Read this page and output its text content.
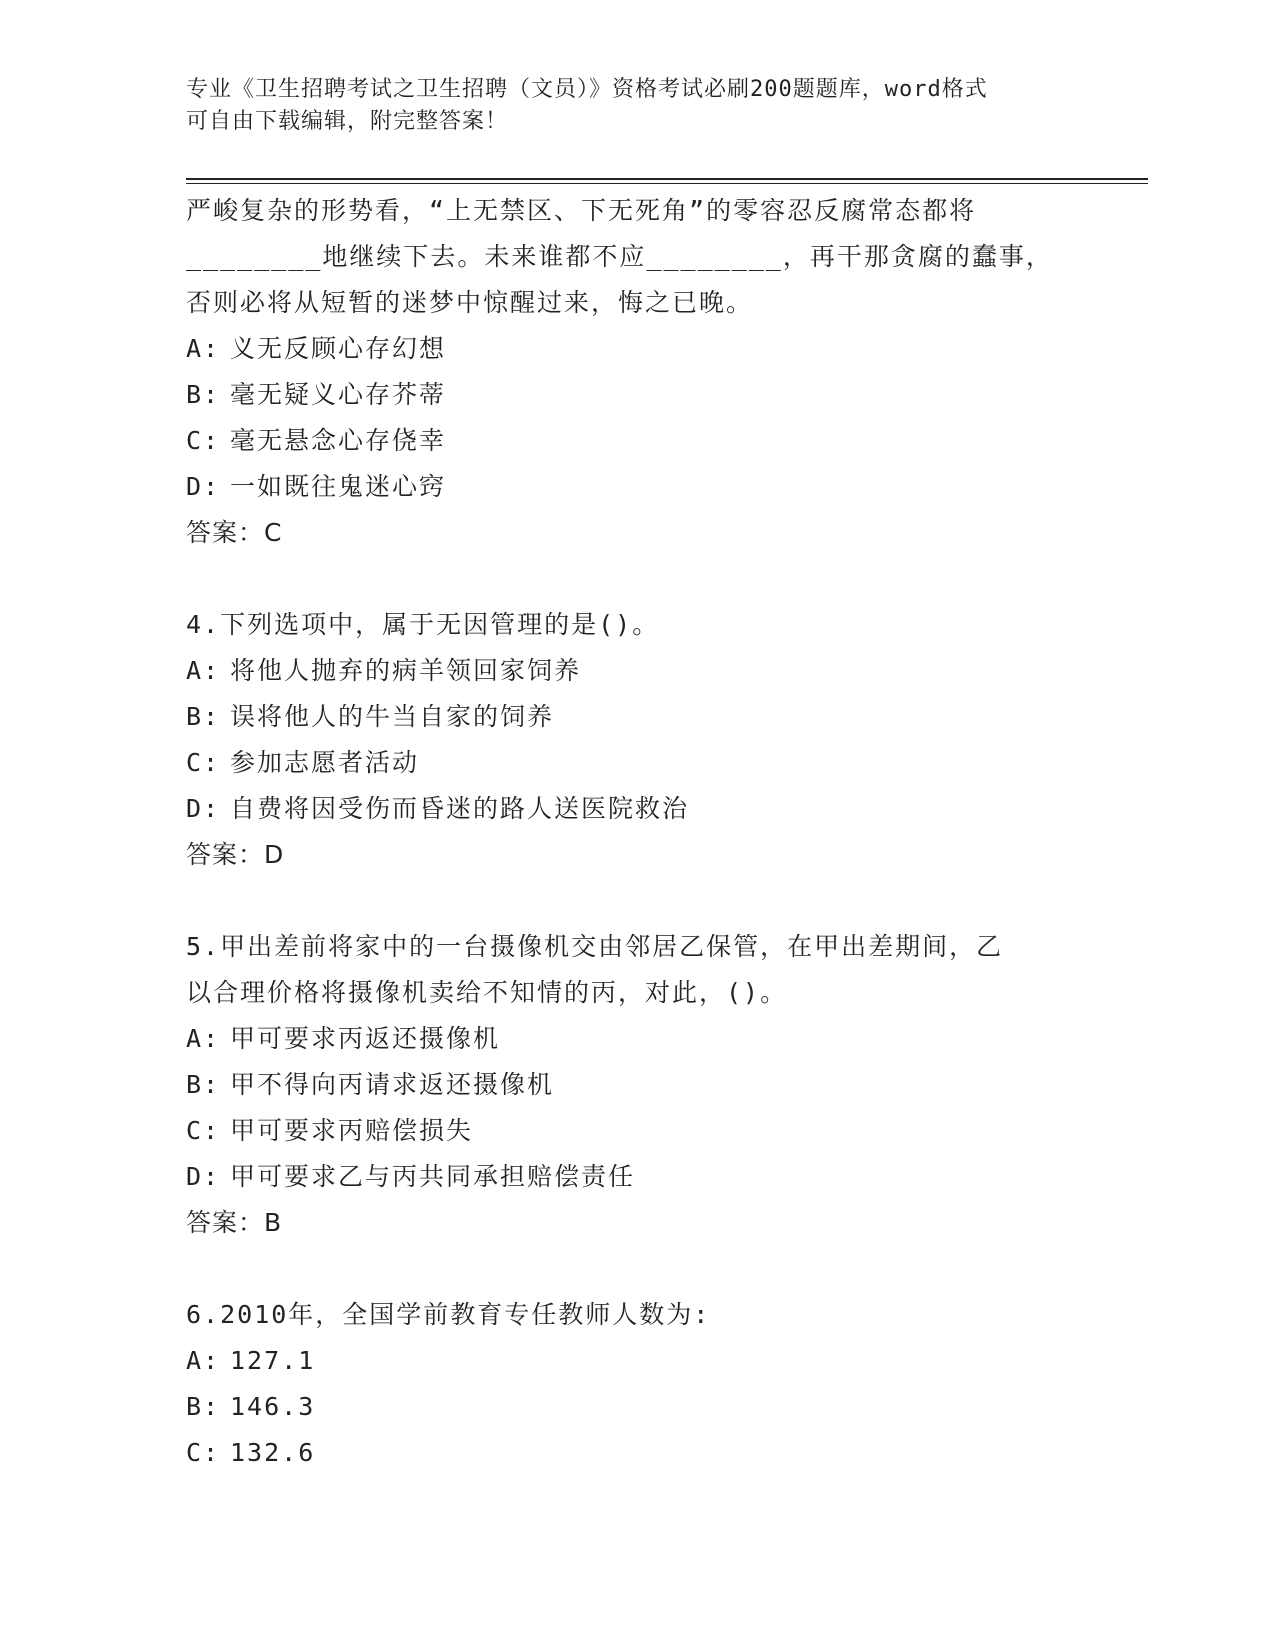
专业《卫生招聘考试之卫生招聘（文员）》资格考试必刷200题题库，word格式
可自由下载编辑，附完整答案！

严峻复杂的形势看，“上无禁区、下无死角”的零容忍反腐常态都将

________地继续下去。未来谁都不应________，再干那贪腐的蠢事，

否则必将从短暂的迷梦中惊醒过来，悔之已晚。

A: 义无反顾心存幻想

B: 毫无疑义心存芥蒂

C: 毫无悬念心存侥幸

D: 一如既往鬼迷心窍

答案：C

4.下列选项中，属于无因管理的是()。

A: 将他人抛弃的病羊领回家饲养

B: 误将他人的牛当自家的饲养

C: 参加志愿者活动

D: 自费将因受伤而昏迷的路人送医院救治

答案：D

5.甲出差前将家中的一台摄像机交由邻居乙保管，在甲出差期间，乙

以合理价格将摄像机卖给不知情的丙，对此，()。

A: 甲可要求丙返还摄像机

B: 甲不得向丙请求返还摄像机

C: 甲可要求丙赔偿损失

D: 甲可要求乙与丙共同承担赔偿责任

答案：B

6.2010年，全国学前教育专任教师人数为:

A: 127.1

B: 146.3

C: 132.6
